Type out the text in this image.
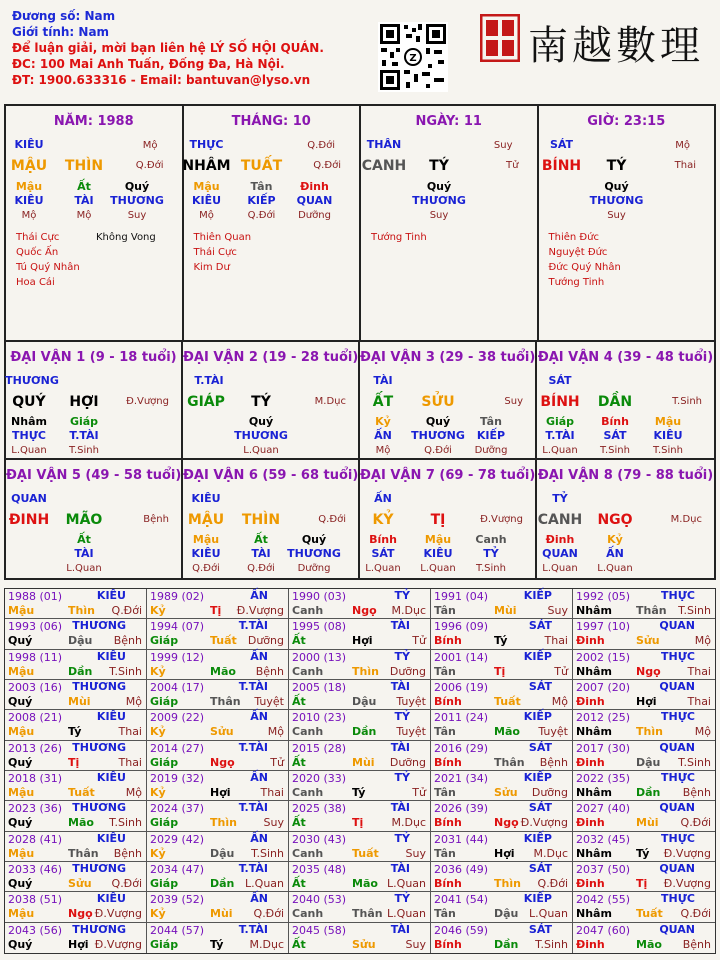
Đương số: Nam
Giới tính: Nam
Để luận giải, mời bạn liên hệ LÝ SỐ HỘI QUÁN.
ĐC: 100 Mai Anh Tuấn, Đống Đa, Hà Nội.
ĐT: 1900.633316 - Email: bantuvan@lyso.vn
Z	南越數理
NĂM: 1988
KIÊU	Mộ
MẬU	THÌN	Q.Đới
Mậu
KIÊU
Mộ
Ất
TÀI
Mộ
Quý
THƯƠNG
Suy
Thái Cực
Quốc Ấn
Tú Quý Nhân
Hoa Cái
Không Vong
THÁNG: 10
THỰC	Q.Đới
NHÂM TUẤT	Q.Đới
Mậu
KIÊU
Mộ
Tân
KIẾP
Q.Đới
Đinh
QUAN
Dưỡng
Thiên Quan
Thái Cực
Kim Dư
NGÀY: 11
THÂN	Suy
CANH	TÝ	Tử
Quý
THƯƠNG
Suy
Tướng Tinh
GIỜ: 23:15
SÁT	Mộ
BÍNH	TÝ	Thai
Quý
THƯƠNG
Suy
Thiên Đức
Nguyệt Đức
Đức Quý Nhân
Tướng Tinh
ĐẠI VẬN 1 (9 - 18 tuổi)
THƯƠNG
QUÝ	HỢI	Đ.Vượng
Nhâm
THỰC
L.Quan
Giáp
T.TÀI
T.Sinh
ĐẠI VẬN 2 (19 - 28 tuổi)
T.TÀI
GIÁP	TÝ	M.Dục
Quý
THƯƠNG
L.Quan
ĐẠI VẬN 3 (29 - 38 tuổi)
TÀI
ẤT	SỬU	Suy
Kỷ
ẤN
Mộ
Quý
THƯƠNG
Q.Đới
Tân
KIẾP
Dưỡng
ĐẠI VẬN 4 (39 - 48 tuổi)
SÁT
BÍNH	DẦN	T.Sinh
Giáp
T.TÀI
L.Quan
Bính
SÁT
T.Sinh
Mậu
KIÊU
T.Sinh
ĐẠI VẬN 5 (49 - 58 tuổi)
QUAN
ĐINH	MÃO	Bệnh
Ất
TÀI
L.Quan
ĐẠI VẬN 6 (59 - 68 tuổi)
KIÊU
MẬU	THÌN	Q.Đới
Mậu
KIÊU
Q.Đới
Ất
TÀI
Q.Đới
Quý
THƯƠNG
Dưỡng
ĐẠI VẬN 7 (69 - 78 tuổi)
ẤN
KỶ	TỊ	Đ.Vượng
Bính
SÁT
L.Quan
Mậu
KIÊU
L.Quan
Canh
TỶ
T.Sinh
ĐẠI VẬN 8 (79 - 88 tuổi)
TỶ
CANH	NGỌ	M.Dục
Đinh
QUAN
L.Quan
Kỷ
ẤN
L.Quan
1988 (01)	KIÊU
Mậu	Thìn Q.Đới
1989 (02)	ẤN
Kỷ	Tị Đ.Vượng
1990 (03)	TỶ
Canh	Ngọ M.Dục
1991 (04)	KIẾP
Tân	Mùi	Suy
1992 (05)	THỰC
Nhâm Thân T.Sinh
1993 (06) THƯƠNG
Quý	Dậu Bệnh
1994 (07)	T.TÀI
Giáp	Tuất Dưỡng
1995 (08)	TÀI
Ất	Hợi	Tử
1996 (09)	SÁT
Bính	Tý	Thai
1997 (10)	QUAN
Đinh	Sửu	Mộ
1998 (11)	KIÊU
Mậu	Dần T.Sinh
1999 (12)	ẤN
Kỷ	Mão Bệnh
2000 (13)	TỶ
Canh	Thìn Dưỡng
2001 (14)	KIẾP
Tân	Tị	Tử
2002 (15)	THỰC
Nhâm Ngọ Thai
2003 (16) THƯƠNG
Quý	Mùi	Mộ
2004 (17)	T.TÀI
Giáp	Thân Tuyệt
2005 (18)	TÀI
Ất	Dậu Tuyệt
2006 (19)	SÁT
Bính	Tuất	Mộ
2007 (20)	QUAN
Đinh	Hợi	Thai
2008 (21)	KIÊU
Mậu	Tý	Thai
2009 (22)	ẤN
Kỷ	Sửu	Mộ
2010 (23)	TỶ
Canh	Dần Tuyệt
2011 (24)	KIẾP
Tân	Mão Tuyệt
2012 (25)	THỰC
Nhâm Thìn	Mộ
2013 (26) THƯƠNG
Quý	Tị	Thai
2014 (27)	T.TÀI
Giáp	Ngọ	Tử
2015 (28)	TÀI
Ất	Mùi Dưỡng
2016 (29)	SÁT
Bính	Thân Bệnh
2017 (30)	QUAN
Đinh	Dậu T.Sinh
2018 (31)	KIÊU
Mậu	Tuất	Mộ
2019 (32)	ẤN
Kỷ	Hợi	Thai
2020 (33)	TỶ
Canh	Tý	Tử
2021 (34)	KIẾP
Tân	Sửu Dưỡng
2022 (35)	THỰC
Nhâm Dần Bệnh
2023 (36) THƯƠNG
Quý	Mão T.Sinh
2024 (37)	T.TÀI
Giáp	Thìn Suy
2025 (38)	TÀI
Ất	Tị	M.Dục
2026 (39)	SÁT
Bính	Ngọ Đ.Vượng
2027 (40)	QUAN
Đinh	Mùi Q.Đới
2028 (41)	KIÊU
Mậu	Thân Bệnh
2029 (42)	ẤN
Kỷ	Dậu T.Sinh
2030 (43)	TỶ
Canh	Tuất Suy
2031 (44)	KIẾP
Tân	Hợi M.Dục
2032 (45)	THỰC
Nhâm Tý Đ.Vượng
2033 (46) THƯƠNG
Quý	Sửu Q.Đới
2034 (47)	T.TÀI
Giáp	Dần L.Quan
2035 (48)	TÀI
Ất	Mão L.Quan
2036 (49)	SÁT
Bính	Thìn Q.Đới
2037 (50)	QUAN
Đinh	Tị Đ.Vượng
2038 (51)	KIÊU
Mậu	Ngọ Đ.Vượng
2039 (52)	ẤN
Kỷ	Mùi Q.Đới
2040 (53)	TỶ
Canh	Thân L.Quan
2041 (54)	KIẾP
Tân	Dậu L.Quan
2042 (55)	THỰC
Nhâm Tuất Q.Đới
2043 (56) THƯƠNG
Quý	Hợi Đ.Vượng
2044 (57)	T.TÀI
Giáp	Tý M.Dục
2045 (58)	TÀI
Ất	Sửu	Suy
2046 (59)	SÁT
Bính	Dần T.Sinh
2047 (60)	QUAN
Đinh	Mão Bệnh
